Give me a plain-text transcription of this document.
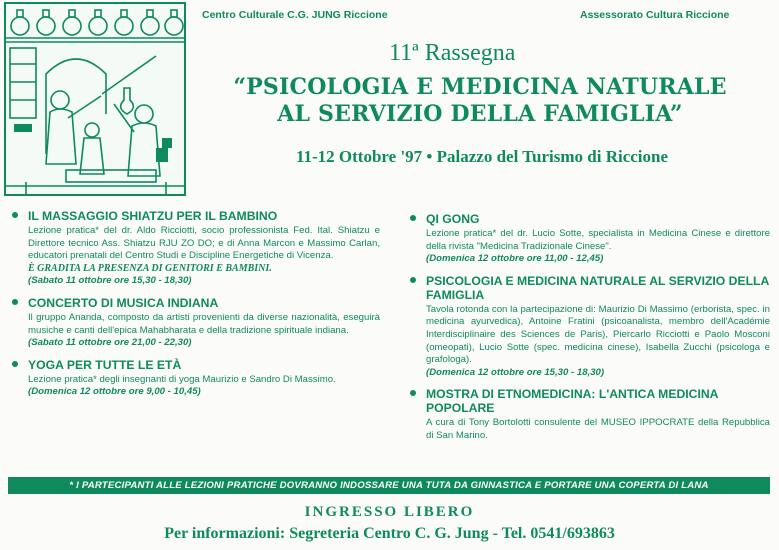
Centro Culturale C.G. JUNG Riccione	Assessorato Cultura Riccione
11ª Rassegna
“PSICOLOGIA E MEDICINA NATURALE
AL SERVIZIO DELLA FAMIGLIA”
11-12 Ottobre '97 • Palazzo del Turismo di Riccione
IL MASSAGGIO SHIATZU PER IL BAMBINO
Lezione pratica* del dr. Aldo Ricciotti, socio professionista Fed. Ital. Shiatzu e Direttore tecnico Ass. Shiatzu RJU ZO DO; e di Anna Marcon e Massimo Carlan, educatori prenatali del Centro Studi e Discipline Energetiche di Vicenza.
È GRADITA LA PRESENZA DI GENITORI E BAMBINI.
(Sabato 11 ottobre ore 15,30 - 18,30)
CONCERTO DI MUSICA INDIANA
Il gruppo Ananda, composto da artisti provenienti da diverse nazionalità, eseguirà musiche e canti dell'epica Mahabharata e della tradizione spirituale indiana.
(Sabato 11 ottobre ore 21,00 - 22,30)
YOGA PER TUTTE LE ETÀ
Lezione pratica* degli insegnanti di yoga Maurizio e Sandro Di Massimo.
(Domenica 12 ottobre ore 9,00 - 10,45)
QI GONG
Lezione pratica* del dr. Lucio Sotte, specialista in Medicina Cinese e direttore della rivista "Medicina Tradizionale Cinese".
(Domenica 12 ottobre ore 11,00 - 12,45)
PSICOLOGIA E MEDICINA NATURALE AL SERVIZIO DELLA FAMIGLIA
Tavola rotonda con la partecipazione di: Maurizio Di Massimo (erborista, spec. in medicina ayurvedica), Antoine Fratini (psicoanalista, membro dell'Académie Interdisciplinaire des Sciences de Paris), Piercarlo Ricciotti e Paolo Mosconi (omeopati), Lucio Sotte (spec. medicina cinese), Isabella Zucchi (psicologa e grafologa).
(Domenica 12 ottobre ore 15,30 - 18,30)
MOSTRA DI ETNOMEDICINA: L'ANTICA MEDICINA POPOLARE
A cura di Tony Bortolotti consulente del MUSEO IPPOCRATE della Repubblica di San Marino.
* I PARTECIPANTI ALLE LEZIONI PRATICHE DOVRANNO INDOSSARE UNA TUTA DA GINNASTICA E PORTARE UNA COPERTA DI LANA
INGRESSO LIBERO
Per informazioni: Segreteria Centro C. G. Jung - Tel. 0541/693863
